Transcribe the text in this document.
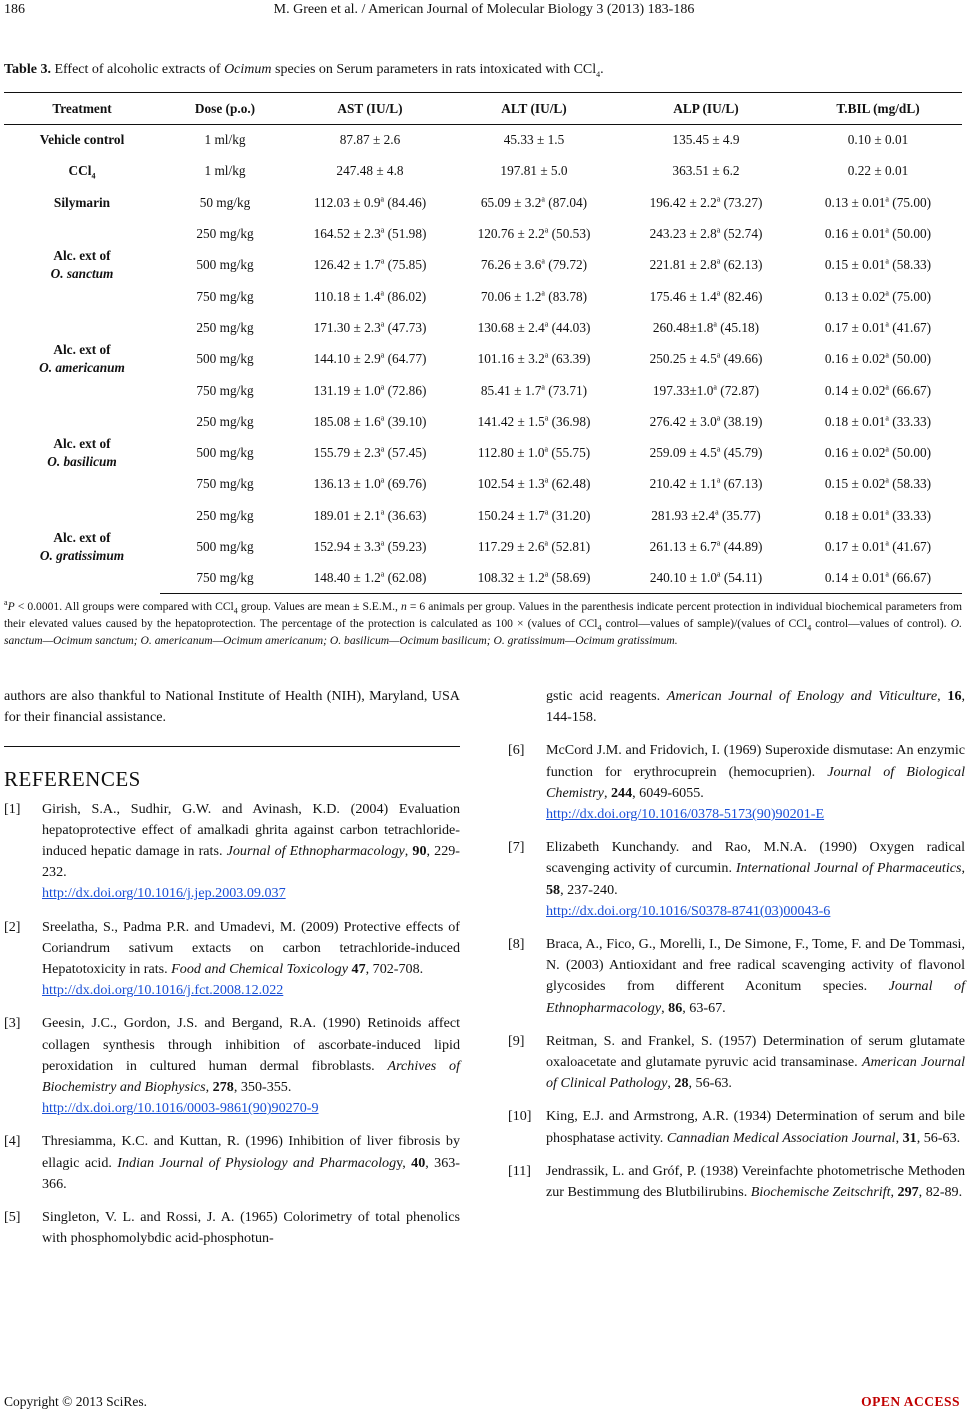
186	M. Green et al. / American Journal of Molecular Biology 3 (2013) 183-186
Table 3. Effect of alcoholic extracts of Ocimum species on Serum parameters in rats intoxicated with CCl$_4$.
Treatment	Dose (p.o.)	AST (IU/L)	ALT (IU/L)	ALP (IU/L)	T.BIL (mg/dL)
Vehicle control	1 ml/kg	87.87 ± 2.6	45.33 ± 1.5	135.45 ± 4.9	0.10 ± 0.01
CCl$_4$	1 ml/kg	247.48 ± 4.8	197.81 ± 5.0	363.51 ± 6.2	0.22 ± 0.01
Silymarin	50 mg/kg	112.03 ± 0.9$^a$ (84.46)	65.09 ± 3.2$^a$ (87.04)	196.42 ± 2.2$^a$ (73.27)	0.13 ± 0.01$^a$ (75.00)

Alc. ext of
O. sanctum	250 mg/kg	164.52 ± 2.3$^a$ (51.98)	120.76 ± 2.2$^a$ (50.53)	243.23 ± 2.8$^a$ (52.74)	0.16 ± 0.01$^a$ (50.00)
	500 mg/kg	126.42 ± 1.7$^a$ (75.85)	76.26 ± 3.6$^a$ (79.72)	221.81 ± 2.8$^a$ (62.13)	0.15 ± 0.01$^a$ (58.33)
	750 mg/kg	110.18 ± 1.4$^a$ (86.02)	70.06 ± 1.2$^a$ (83.78)	175.46 ± 1.4$^a$ (82.46)	0.13 ± 0.02$^a$ (75.00)

Alc. ext of
O. americanum	250 mg/kg	171.30 ± 2.3$^a$ (47.73)	130.68 ± 2.4$^a$ (44.03)	260.48±1.8$^a$ (45.18)	0.17 ± 0.01$^a$ (41.67)
	500 mg/kg	144.10 ± 2.9$^a$ (64.77)	101.16 ± 3.2$^a$ (63.39)	250.25 ± 4.5$^a$ (49.66)	0.16 ± 0.02$^a$ (50.00)
	750 mg/kg	131.19 ± 1.0$^a$ (72.86)	85.41 ± 1.7$^a$ (73.71)	197.33±1.0$^a$ (72.87)	0.14 ± 0.02$^a$ (66.67)

Alc. ext of
O. basilicum	250 mg/kg	185.08 ± 1.6$^a$ (39.10)	141.42 ± 1.5$^a$ (36.98)	276.42 ± 3.0$^a$ (38.19)	0.18 ± 0.01$^a$ (33.33)
	500 mg/kg	155.79 ± 2.3$^a$ (57.45)	112.80 ± 1.0$^a$ (55.75)	259.09 ± 4.5$^a$ (45.79)	0.16 ± 0.02$^a$ (50.00)
	750 mg/kg	136.13 ± 1.0$^a$ (69.76)	102.54 ± 1.3$^a$ (62.48)	210.42 ± 1.1$^a$ (67.13)	0.15 ± 0.02$^a$ (58.33)

Alc. ext of
O. gratissimum	250 mg/kg	189.01 ± 2.1$^a$ (36.63)	150.24 ± 1.7$^a$ (31.20)	281.93 ±2.4$^a$ (35.77)	0.18 ± 0.01$^a$ (33.33)
	500 mg/kg	152.94 ± 3.3$^a$ (59.23)	117.29 ± 2.6$^a$ (52.81)	261.13 ± 6.7$^a$ (44.89)	0.17 ± 0.01$^a$ (41.67)
	750 mg/kg	148.40 ± 1.2$^a$ (62.08)	108.32 ± 1.2$^a$ (58.69)	240.10 ± 1.0$^a$ (54.11)	0.14 ± 0.01$^a$ (66.67)
$^a$P < 0.0001. All groups were compared with CCl$_4$ group. Values are mean ± S.E.M., n = 6 animals per group. Values in the parenthesis indicate percent protection in individual biochemical parameters from their elevated values caused by the hepatoprotection. The percentage of the protection is calculated as 100 × (values of CCl$_4$ control—values of sample)/(values of CCl$_4$ control—values of control). O. sanctum—Ocimum sanctum; O. americanum—Ocimum americanum; O. basilicum—Ocimum basilicum; O. gratissimum—Ocimum gratissimum.

authors are also thankful to National Institute of Health (NIH), Maryland, USA for their financial assistance.

REFERENCES
[1]	Girish, S.A., Sudhir, G.W. and Avinash, K.D. (2004) Evaluation hepatoprotective effect of amalkadi ghrita against carbon tetrachloride-induced hepatic damage in rats. Journal of Ethnopharmacology, 90, 229-232.
http://dx.doi.org/10.1016/j.jep.2003.09.037
[2]	Sreelatha, S., Padma P.R. and Umadevi, M. (2009) Protective effects of Coriandrum sativum extacts on carbon tetrachloride-induced Hepatotoxicity in rats. Food and Chemical Toxicology 47, 702-708.
http://dx.doi.org/10.1016/j.fct.2008.12.022
[3]	Geesin, J.C., Gordon, J.S. and Bergand, R.A. (1990) Retinoids affect collagen synthesis through inhibition of ascorbate-induced lipid peroxidation in cultured human dermal fibroblasts. Archives of Biochemistry and Biophysics, 278, 350-355.
http://dx.doi.org/10.1016/0003-9861(90)90270-9
[4]	Thresiamma, K.C. and Kuttan, R. (1996) Inhibition of liver fibrosis by ellagic acid. Indian Journal of Physiology and Pharmacology, 40, 363-366.
[5]	Singleton, V. L. and Rossi, J. A. (1965) Colorimetry of total phenolics with phosphomolybdic acid-phosphotun-
gstic acid reagents. American Journal of Enology and Viticulture, 16, 144-158.
[6]	McCord J.M. and Fridovich, I. (1969) Superoxide dismutase: An enzymic function for erythrocuprein (hemocuprien). Journal of Biological Chemistry, 244, 6049-6055.
http://dx.doi.org/10.1016/0378-5173(90)90201-E
[7]	Elizabeth Kunchandy. and Rao, M.N.A. (1990) Oxygen radical scavenging activity of curcumin. International Journal of Pharmaceutics, 58, 237-240.
http://dx.doi.org/10.1016/S0378-8741(03)00043-6
[8]	Braca, A., Fico, G., Morelli, I., De Simone, F., Tome, F. and De Tommasi, N. (2003) Antioxidant and free radical scavenging activity of flavonol glycosides from different Aconitum species. Journal of Ethnopharmacology, 86, 63-67.
[9]	Reitman, S. and Frankel, S. (1957) Determination of serum glutamate oxaloacetate and glutamate pyruvic acid transaminase. American Journal of Clinical Pathology, 28, 56-63.
[10]	King, E.J. and Armstrong, A.R. (1934) Determination of serum and bile phosphatase activity. Cannadian Medical Association Journal, 31, 56-63.
[11]	Jendrassik, L. and Gróf, P. (1938) Vereinfachte photometrische Methoden zur Bestimmung des Blutbilirubins. Biochemische Zeitschrift, 297, 82-89.
Copyright © 2013 SciRes.	OPEN ACCESS
